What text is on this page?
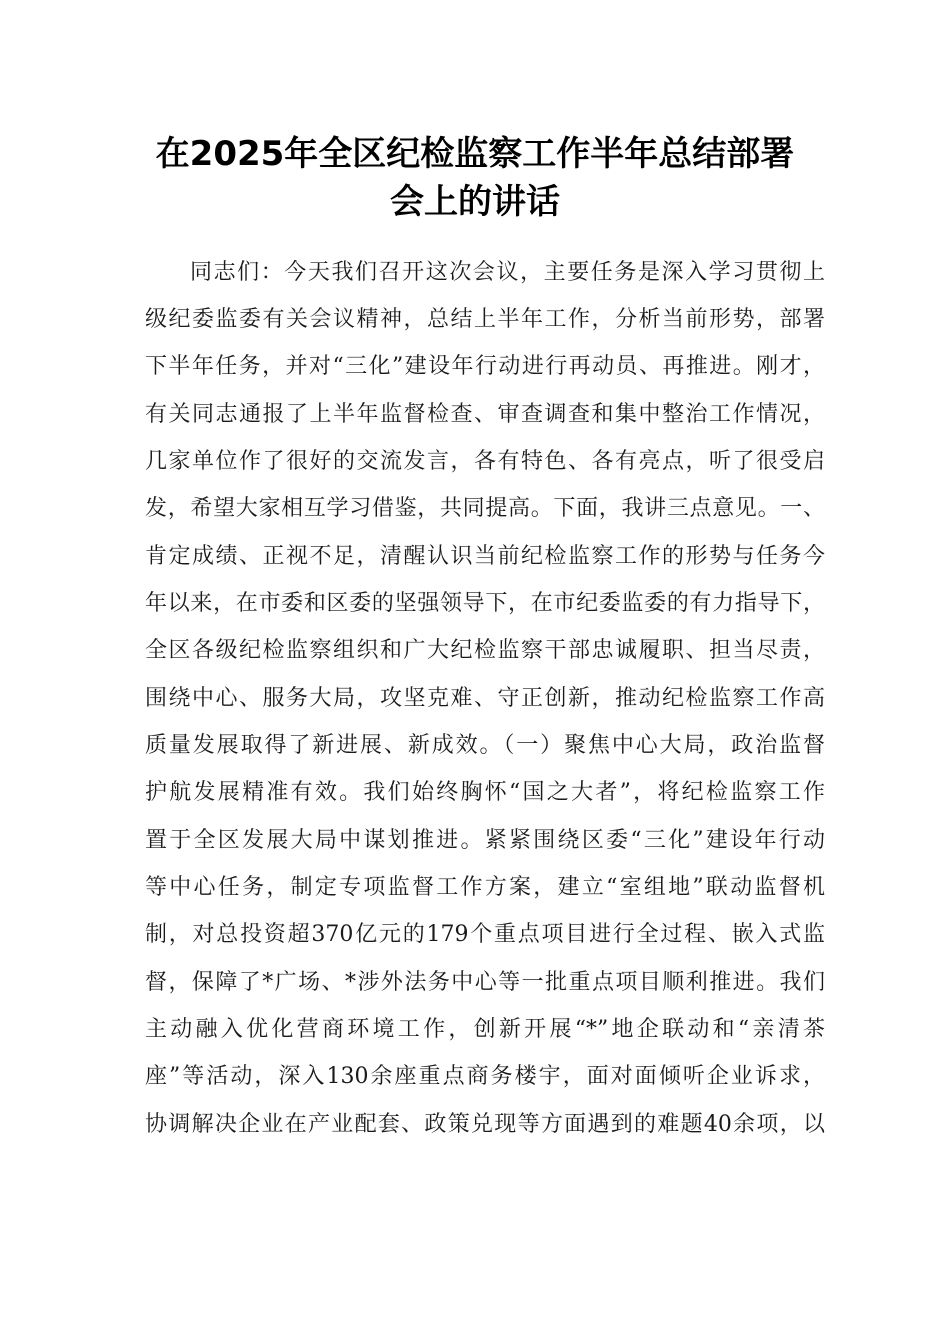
在2025年全区纪检监察工作半年总结部署
会上的讲话
同志们：今天我们召开这次会议，主要任务是深入学习贯彻上
级纪委监委有关会议精神，总结上半年工作，分析当前形势，部署
下半年任务，并对“三化”建设年行动进行再动员、再推进。刚才，
有关同志通报了上半年监督检查、审查调查和集中整治工作情况，
几家单位作了很好的交流发言，各有特色、各有亮点，听了很受启
发，希望大家相互学习借鉴，共同提高。下面，我讲三点意见。一、
肯定成绩、正视不足，清醒认识当前纪检监察工作的形势与任务今
年以来，在市委和区委的坚强领导下，在市纪委监委的有力指导下，
全区各级纪检监察组织和广大纪检监察干部忠诚履职、担当尽责，
围绕中心、服务大局，攻坚克难、守正创新，推动纪检监察工作高
质量发展取得了新进展、新成效。（一）聚焦中心大局，政治监督
护航发展精准有效。我们始终胸怀“国之大者”，将纪检监察工作
置于全区发展大局中谋划推进。紧紧围绕区委“三化”建设年行动
等中心任务，制定专项监督工作方案，建立“室组地”联动监督机
制，对总投资超370亿元的179个重点项目进行全过程、嵌入式监
督，保障了*广场、*涉外法务中心等一批重点项目顺利推进。我们
主动融入优化营商环境工作，创新开展“*”地企联动和“亲清茶
座”等活动，深入130余座重点商务楼宇，面对面倾听企业诉求，
协调解决企业在产业配套、政策兑现等方面遇到的难题40余项，以
